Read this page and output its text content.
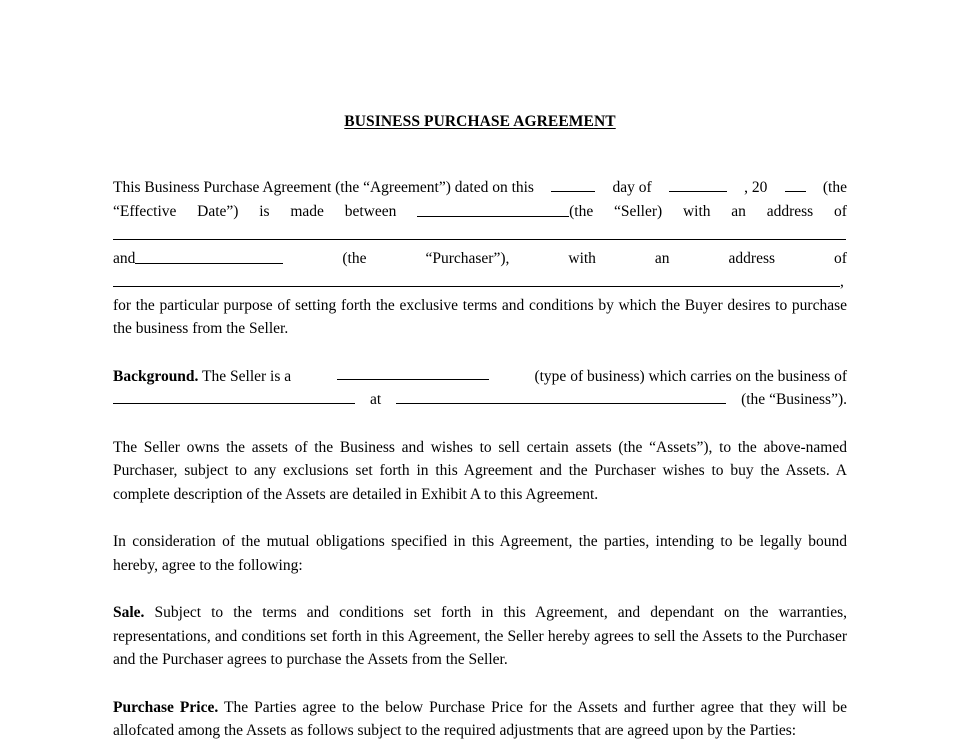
BUSINESS PURCHASE AGREEMENT
This Business Purchase Agreement (the “Agreement”) dated on this	day of	, 20	(the
“Effective Date”) is made between	(the “Seller) with an address of
and	(the	“Purchaser”),	with	an	address	of
,
for the particular purpose of setting forth the exclusive terms and conditions by which the Buyer desires to purchase the business from the Seller.
Background. The Seller is a	(type of business) which carries on the business of
at	(the “Business”).
The Seller owns the assets of the Business and wishes to sell certain assets (the “Assets”), to the above-named Purchaser, subject to any exclusions set forth in this Agreement and the Purchaser wishes to buy the Assets. A complete description of the Assets are detailed in Exhibit A to this Agreement.
In consideration of the mutual obligations specified in this Agreement, the parties, intending to be legally bound hereby, agree to the following:
Sale. Subject to the terms and conditions set forth in this Agreement, and dependant on the warranties, representations, and conditions set forth in this Agreement, the Seller hereby agrees to sell the Assets to the Purchaser and the Purchaser agrees to purchase the Assets from the Seller.
Purchase Price. The Parties agree to the below Purchase Price for the Assets and further agree that they will be allofcated among the Assets as follows subject to the required adjustments that are agreed upon by the Parties:
